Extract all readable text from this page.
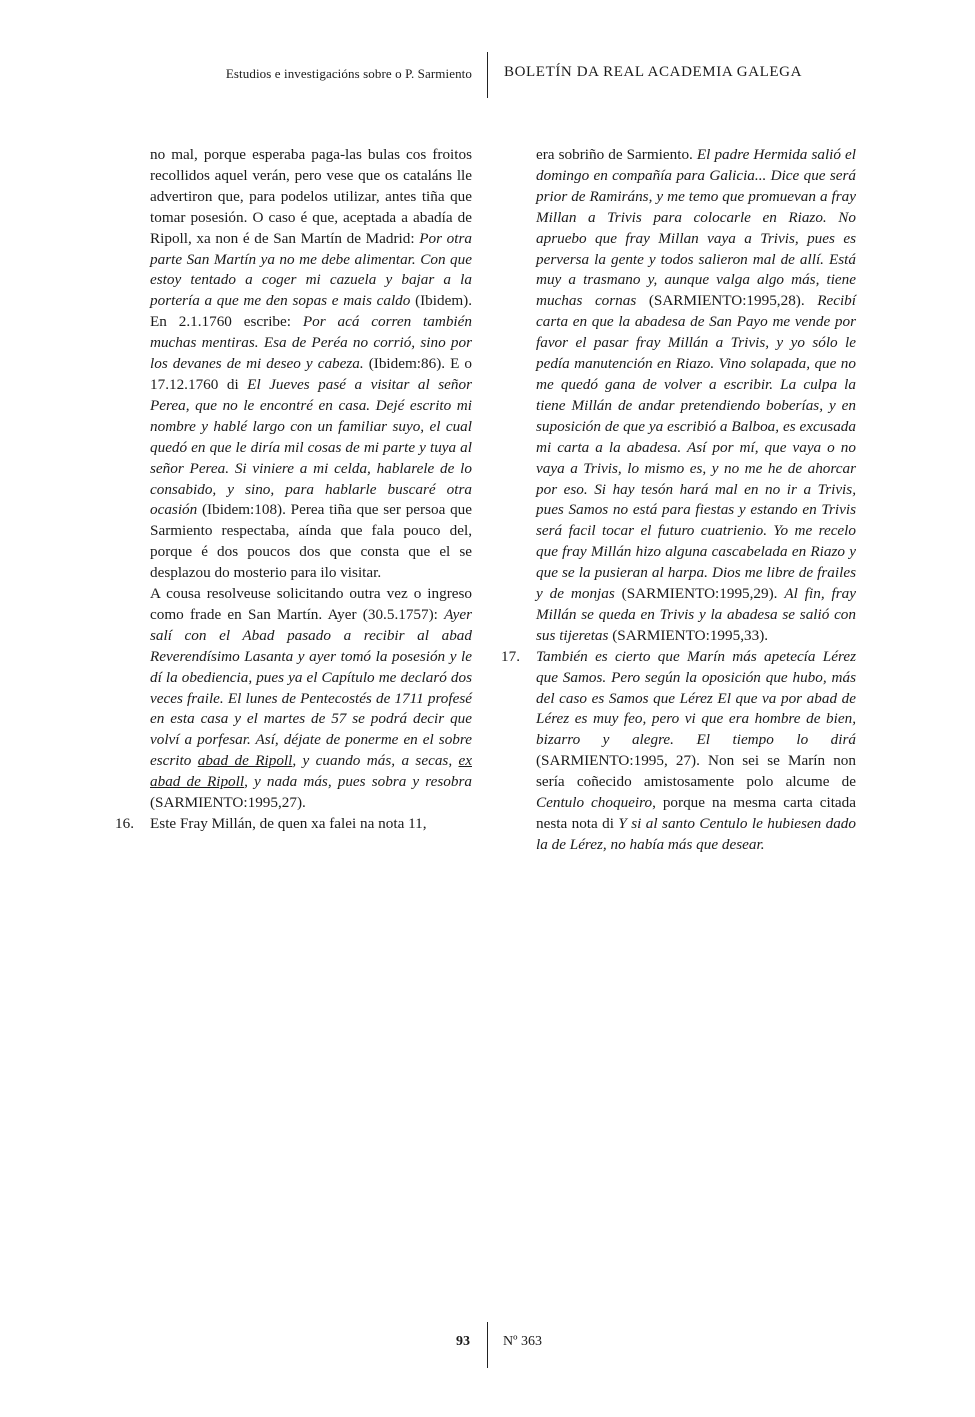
Estudios e investigacións sobre o P. Sarmiento BOLETÍN DA REAL ACADEMIA GALEGA

no mal, porque esperaba paga-las bulas cos froitos recollidos aquel verán, pero vese que os cataláns lle advertiron que, para podelos utilizar, antes tiña que tomar posesión. O caso é que, aceptada a abadía de Ripoll, xa non é de San Martín de Madrid: Por otra parte San Martín ya no me debe alimentar. Con que estoy tentado a coger mi cazuela y bajar a la portería a que me den sopas e mais caldo (Ibidem). En 2.1.1760 escribe: Por acá corren también muchas mentiras. Esa de Peréa no corrió, sino por los devanes de mi deseo y cabeza. (Ibidem:86). E o 17.12.1760 di El Jueves pasé a visitar al señor Perea, que no le encontré en casa. Dejé escrito mi nombre y hablé largo con un familiar suyo, el cual quedó en que le diría mil cosas de mi parte y tuya al señor Perea. Si viniere a mi celda, hablarele de lo consabido, y sino, para hablarle buscaré otra ocasión (Ibidem:108). Perea tiña que ser persoa que Sarmiento respectaba, aínda que fala pouco del, porque é dos poucos dos que consta que el se desplazou do mosterio para ilo visitar.

A cousa resolveuse solicitando outra vez o ingreso como frade en San Martín. Ayer (30.5.1757): Ayer salí con el Abad pasado a recibir al abad Reverendísimo Lasanta y ayer tomó la posesión y le dí la obediencia, pues ya el Capítulo me declaró dos veces fraile. El lunes de Pentecostés de 1711 profesé en esta casa y el martes de 57 se podrá decir que volví a porfesar. Así, déjate de ponerme en el sobre escrito abad de Ripoll, y cuando más, a secas, ex abad de Ripoll, y nada más, pues sobra y resobra (SARMIENTO:1995,27).

16. Este Fray Millán, de quen xa falei na nota 11,

era sobriño de Sarmiento. El padre Hermida salió el domingo en compañía para Galicia... Dice que será prior de Ramiráns, y me temo que promuevan a fray Millan a Trivis para colocarle en Riazo. No apruebo que fray Millan vaya a Trivis, pues es perversa la gente y todos salieron mal de allí. Está muy a trasmano y, aunque valga algo más, tiene muchas cornas (SARMIENTO:1995,28). Recibí carta en que la abadesa de San Payo me vende por favor el pasar fray Millán a Trivis, y yo sólo le pedía manutención en Riazo. Vino solapada, que no me quedó gana de volver a escribir. La culpa la tiene Millán de andar pretendiendo boberías, y en suposición de que ya escribió a Balboa, es excusada mi carta a la abadesa. Así por mí, que vaya o no vaya a Trivis, lo mismo es, y no me he de ahorcar por eso. Si hay tesón hará mal en no ir a Trivis, pues Samos no está para fiestas y estando en Trivis será facil tocar el futuro cuatrienio. Yo me recelo que fray Millán hizo alguna cascabelada en Riazo y que se la pusieran al harpa. Dios me libre de frailes y de monjas (SARMIENTO:1995,29). Al fin, fray Millán se queda en Trivis y la abadesa se salió con sus tijeretas (SARMIENTO:1995,33).

17. También es cierto que Marín más apetecía Lérez que Samos. Pero según la oposición que hubo, más del caso es Samos que Lérez El que va por abad de Lérez es muy feo, pero vi que era hombre de bien, bizarro y alegre. El tiempo lo dirá (SARMIENTO:1995, 27). Non sei se Marín non sería coñecido amistosamente polo alcume de Centulo choqueiro, porque na mesma carta citada nesta nota di Y si al santo Centulo le hubiesen dado la de Lérez, no había más que desear.

93 Nº 363
